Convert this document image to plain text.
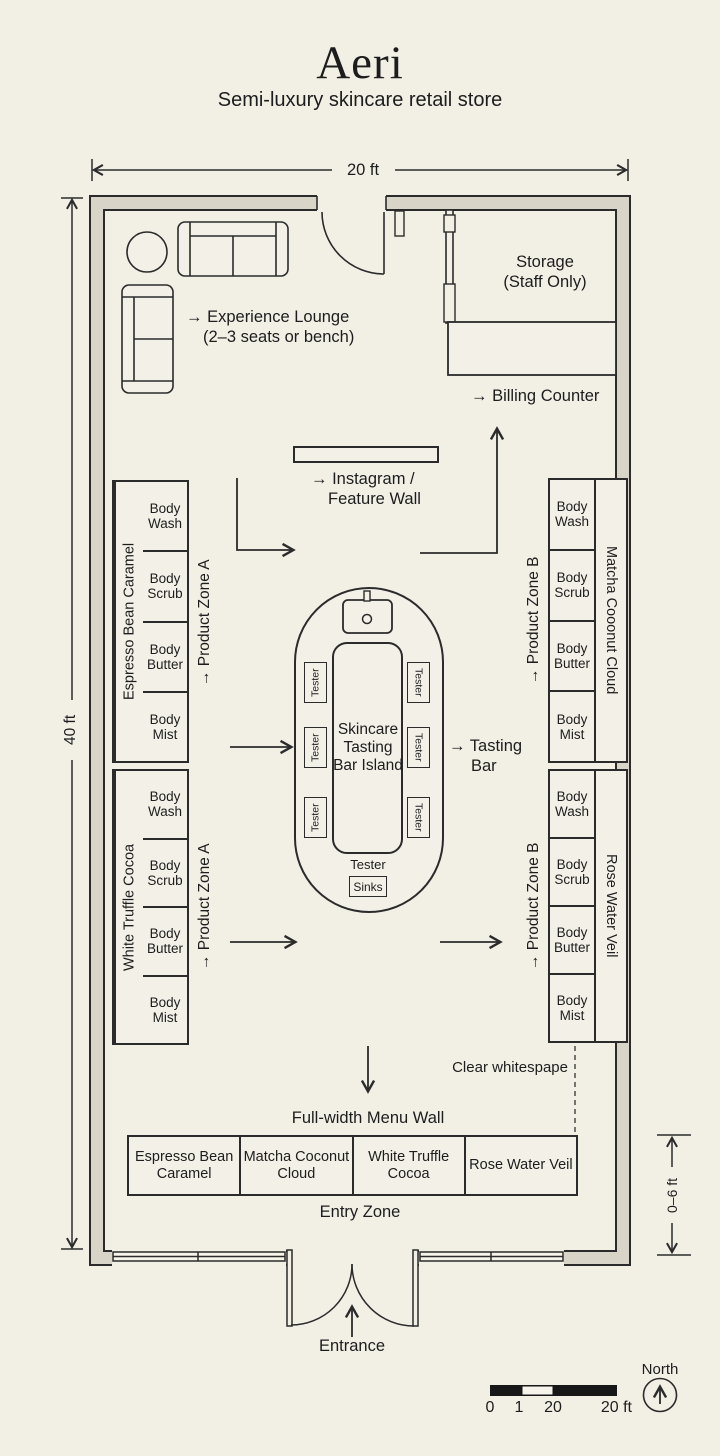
Aeri
Semi-luxury skincare retail store
20 ft
40 ft
0–6 ft
→ Experience Lounge
(2–3 seats or bench)
Storage
(Staff Only)
→ Billing Counter
→ Instagram /
Feature Wall
→ Product Zone A
→ Product Zone A
→ Product Zone B
→ Product Zone B
Espresso Bean Caramel
Body Wash
Body Scrub
Body Butter
Body Mist
White Truffle Cocoa
Body Wash
Body Scrub
Body Butter
Body Mist
Body Wash
Body Scrub
Body Butter
Body Mist
Matcha Cooonut Cloud
Body Wash
Body Scrub
Body Butter
Body Mist
Rose Water Veil
Skincare
Tasting
Bar Island
Tester
Tester
Tester
Tester
Tester
Tester
Tester
Sinks
→ Tasting
Bar
Clear whitespape
Full-width Menu Wall
Espresso Bean Caramel
Matcha Coconut Cloud
White Truffle Cocoa
Rose Water Veil
Entry Zone
Entrance
North
0 1	20	20 ft
